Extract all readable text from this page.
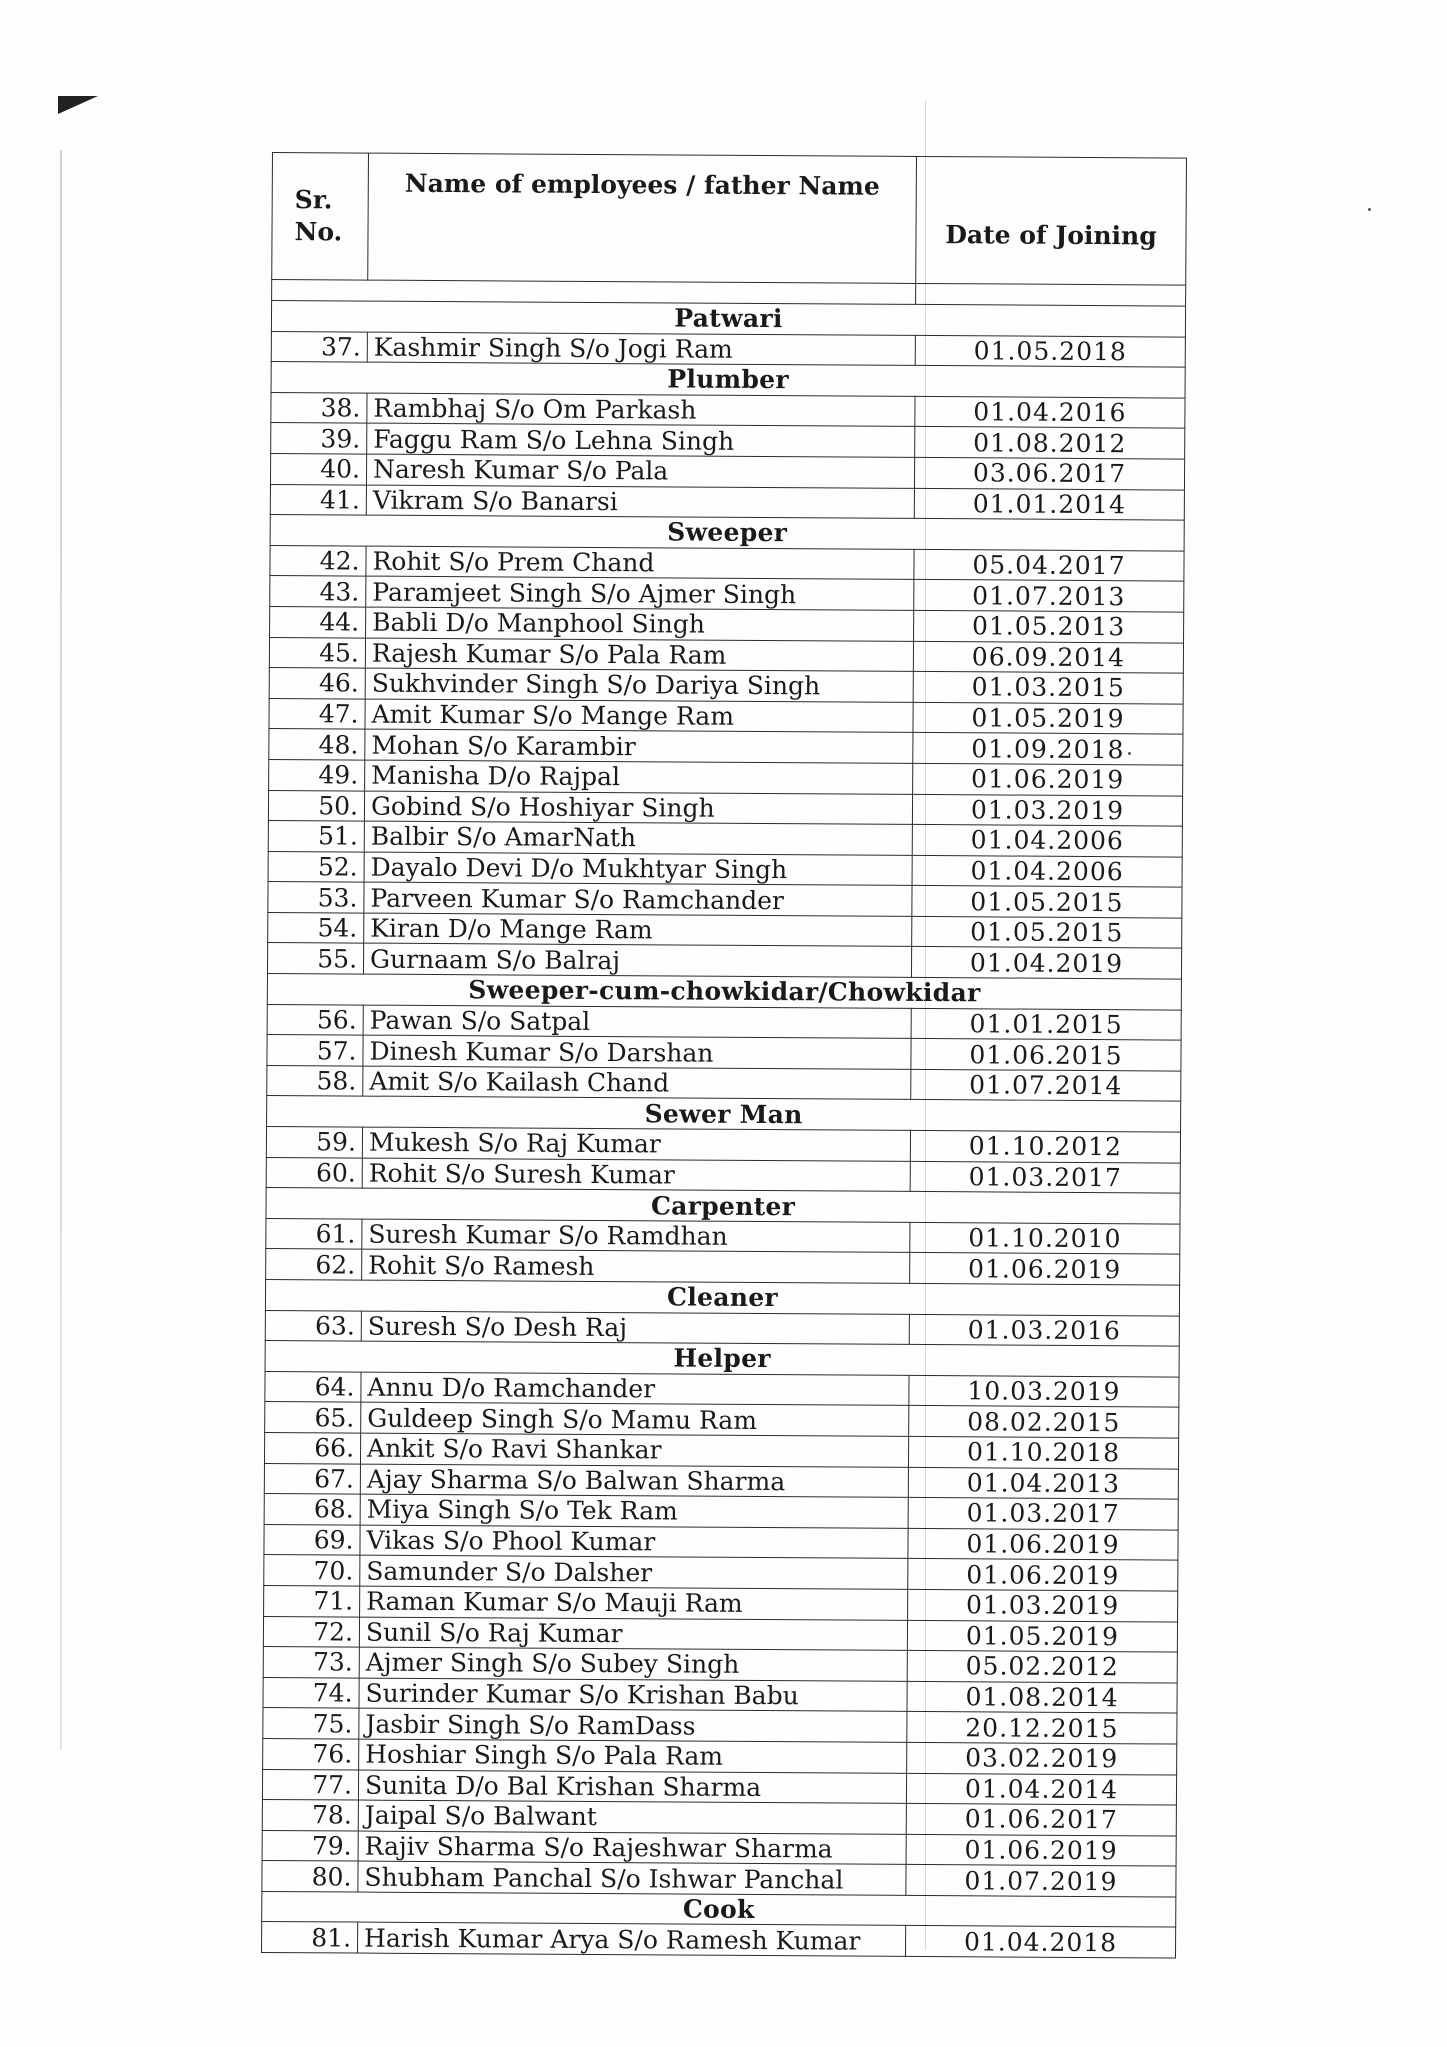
Sr.
No.	Name of employees / father Name	Date of Joining

Patwari		
37.	Kashmir Singh S/o Jogi Ram	01.05.2018
Plumber		
38.	Rambhaj S/o Om Parkash	01.04.2016
39.	Faggu Ram S/o Lehna Singh	01.08.2012
40.	Naresh Kumar S/o Pala	03.06.2017
41.	Vikram S/o Banarsi	01.01.2014
Sweeper		
42.	Rohit S/o Prem Chand	05.04.2017
43.	Paramjeet Singh S/o Ajmer Singh	01.07.2013
44.	Babli D/o Manphool Singh	01.05.2013
45.	Rajesh Kumar S/o Pala Ram	06.09.2014
46.	Sukhvinder Singh S/o Dariya Singh	01.03.2015
47.	Amit Kumar S/o Mange Ram	01.05.2019
48.	Mohan S/o Karambir	01.09.2018
49.	Manisha D/o Rajpal	01.06.2019
50.	Gobind S/o Hoshiyar Singh	01.03.2019
51.	Balbir S/o AmarNath	01.04.2006
52.	Dayalo Devi D/o Mukhtyar Singh	01.04.2006
53.	Parveen Kumar S/o Ramchander	01.05.2015
54.	Kiran D/o Mange Ram	01.05.2015
55.	Gurnaam S/o Balraj	01.04.2019
Sweeper-cum-chowkidar/Chowkidar		
56.	Pawan S/o Satpal	01.01.2015
57.	Dinesh Kumar S/o Darshan	01.06.2015
58.	Amit S/o Kailash Chand	01.07.2014
Sewer Man		
59.	Mukesh S/o Raj Kumar	01.10.2012
60.	Rohit S/o Suresh Kumar	01.03.2017
Carpenter		
61.	Suresh Kumar S/o Ramdhan	01.10.2010
62.	Rohit S/o Ramesh	01.06.2019
Cleaner		
63.	Suresh S/o Desh Raj	01.03.2016
Helper		
64.	Annu D/o Ramchander	10.03.2019
65.	Guldeep Singh S/o Mamu Ram	08.02.2015
66.	Ankit S/o Ravi Shankar	01.10.2018
67.	Ajay Sharma S/o Balwan Sharma	01.04.2013
68.	Miya Singh S/o Tek Ram	01.03.2017
69.	Vikas S/o Phool Kumar	01.06.2019
70.	Samunder S/o Dalsher	01.06.2019
71.	Raman Kumar S/o Mauji Ram	01.03.2019
72.	Sunil S/o Raj Kumar	01.05.2019
73.	Ajmer Singh S/o Subey Singh	05.02.2012
74.	Surinder Kumar S/o Krishan Babu	01.08.2014
75.	Jasbir Singh S/o RamDass	20.12.2015
76.	Hoshiar Singh S/o Pala Ram	03.02.2019
77.	Sunita D/o Bal Krishan Sharma	01.04.2014
78.	Jaipal S/o Balwant	01.06.2017
79.	Rajiv Sharma S/o Rajeshwar Sharma	01.06.2019
80.	Shubham Panchal S/o Ishwar Panchal	01.07.2019
Cook		
81.	Harish Kumar Arya S/o Ramesh Kumar	01.04.2018
